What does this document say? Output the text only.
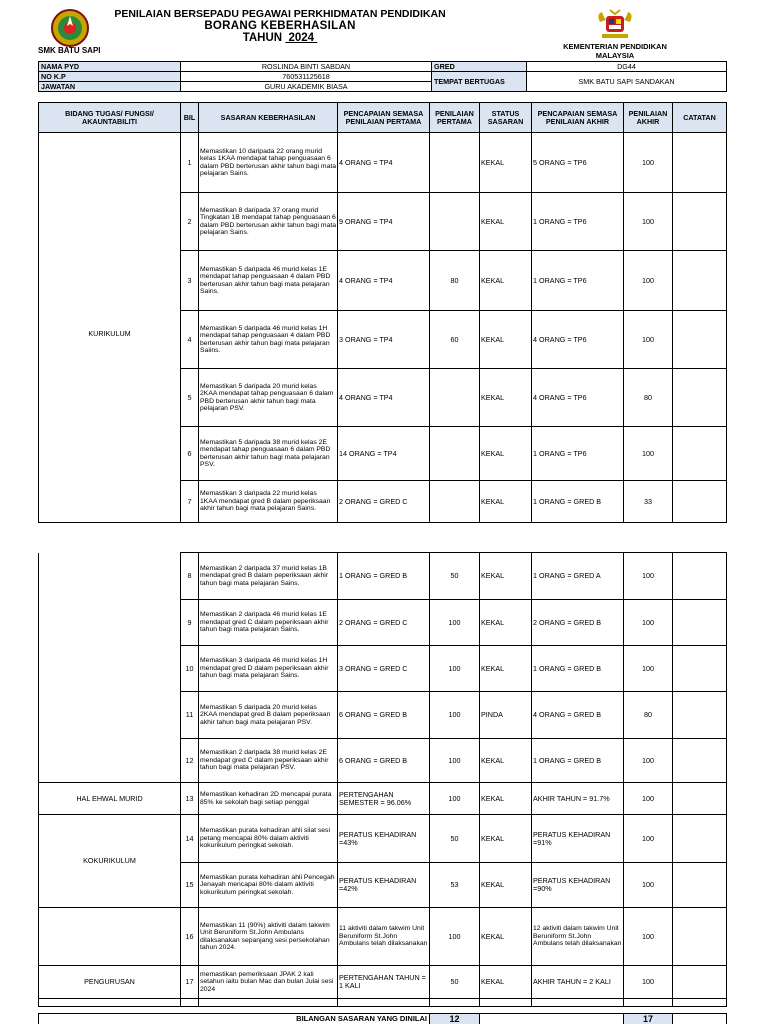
SMK BATU SAPI
PENILAIAN BERSEPADU PEGAWAI PERKHIDMATAN PENDIDIKAN
BORANG KEBERHASILAN
TAHUN 2024
KEMENTERIAN PENDIDIKAN
MALAYSIA
NAMA PYD	ROSLINDA BINTI SABDAN	GRED	DG44
NO K.P	760531125618	TEMPAT BERTUGAS	SMK BATU SAPI SANDAKAN
JAWATAN	GURU AKADEMIK BIASA		
BIDANG TUGAS/ FUNGSI/ AKAUNTABILITI	BIL	SASARAN KEBERHASILAN	PENCAPAIAN SEMASA PENILAIAN PERTAMA	PENILAIAN PERTAMA	STATUS SASARAN	PENCAPAIAN SEMASA PENILAIAN AKHIR	PENILAIAN AKHIR	CATATAN
KURIKULUM	1	Memastikan 10 daripada 22 orang murid kelas 1KAA mendapat tahap penguasaan 6 dalam PBD berterusan akhir tahun bagi mata pelajaran Sains.	4 ORANG = TP4		KEKAL	5 ORANG = TP6	100	
	2	Memastikan 8 daripada 37 orang murid Tingkatan 1B mendapat tahap penguasaan 6 dalam PBD berterusan akhir tahun bagi mata pelajaran Sains.	9 ORANG = TP4		KEKAL	1 ORANG = TP6	100	
	3	Memastikan 5 daripada 46 murid kelas 1E mendapat tahap penguasaan 4 dalam PBD berterusan akhir tahun bagi mata pelajaran Sains.	4 ORANG = TP4	80	KEKAL	1 ORANG = TP6	100	
	4	Memastikan 5 daripada 46 murid kelas 1H mendapat tahap penguasaan 4 dalam PBD berterusan akhir tahun bagi mata pelajaran Saiins.	3 ORANG = TP4	60	KEKAL	4 ORANG = TP6	100	
	5	Memastikan 5 daripada 20 murid kelas 2KAA mendapat tahap penguasaan 6 dalam PBD berterusan akhir tahun bagi mata pelajaran PSV.	4 ORANG = TP4		KEKAL	4 ORANG = TP6	80	
	6	Memastikan 5 daripada 38 murid kelas 2E mendapat tahap penguasaan 6 dalam PBD berterusan akhir tahun bagi mata pelajaran PSV.	14 ORANG = TP4		KEKAL	1 ORANG = TP6	100	
	7	Memastikan 3 daripada 22 murid kelas 1KAA mendapat gred B dalam peperiksaan akhir tahun bagi mata pelajaran Sains.	2 ORANG = GRED C		KEKAL	1 ORANG = GRED B	33	
	8	Memastikan 2 daripada 37 murid kelas 1B mendapat gred B dalam peperiksaan akhir tahun bagi mata pelajaran Sains.	1 ORANG = GRED B	50	KEKAL	1 ORANG = GRED A	100	
	9	Memastikan 2 daripada 46 murid kelas 1E mendapat gred C dalam peperiksaan akhir tahun bagi mata pelajaran Sains.	2 ORANG = GRED C	100	KEKAL	2 ORANG = GRED B	100	
	10	Memastikan 3 daripada 46 murid kelas 1H mendapat gred D dalam peperiksaan akhir tahun bagi mata pelajaran Sains.	3 ORANG = GRED C	100	KEKAL	1 ORANG = GRED B	100	
	11	Memastikan 5 daripada 20 murid kelas 2KAA mendapat gred B dalam peperiksaan akhir tahun bagi mata pelajaran PSV.	6 ORANG = GRED B	100	PINDA	4 ORANG = GRED B	80	
	12	Memastikan 2 daripada 38 murid kelas 2E mendapat gred C dalam peperiksaan akhir tahun bagi mata pelajaran PSV.	6 ORANG = GRED B	100	KEKAL	1 ORANG = GRED B	100	
HAL EHWAL MURID	13	Memastikan kehadiran 2D mencapai purata 85% ke sekolah bagi setiap penggal	PERTENGAHAN SEMESTER = 96.06%	100	KEKAL	AKHIR TAHUN = 91.7%	100	
KOKURIKULUM	14	Memastikan purata kehadiran ahli silat sesi petang mencapai 80% dalam aktiviti kokurikulum peringkat sekolah.	PERATUS KEHADIRAN =43%	50	KEKAL	PERATUS KEHADIRAN =91%	100	
	15	Memastikan purata kehadiran ahli Pencegah Jenayah mencapai 80% dalam aktiviti kokurikulum peringkat sekolah.	PERATUS KEHADIRAN =42%	53	KEKAL	PERATUS KEHADIRAN =90%	100	
	16	Memastikan 11 (90%) aktiviti dalam takwim Unit Beruniform St.John Ambulans dilaksanakan sepanjang sesi persekolahan tahun 2024.	11 aktiviti dalam takwim Unit Beruniform St.John Ambulans telah dilaksanakan	100	KEKAL	12 aktiviti dalam takwim Unit Beruniform St.John Ambulans telah dilaksanakan	100	
PENGURUSAN	17	memastikan pemeriksaan JPAK 2 kali setahun iaitu bulan Mac dan bulan Julai sesi 2024	PERTENGAHAN TAHUN = 1 KALI	50	KEKAL	AKHIR TAHUN = 2 KALI	100	

BILANGAN SASARAN YANG DINILAI	12		17	
